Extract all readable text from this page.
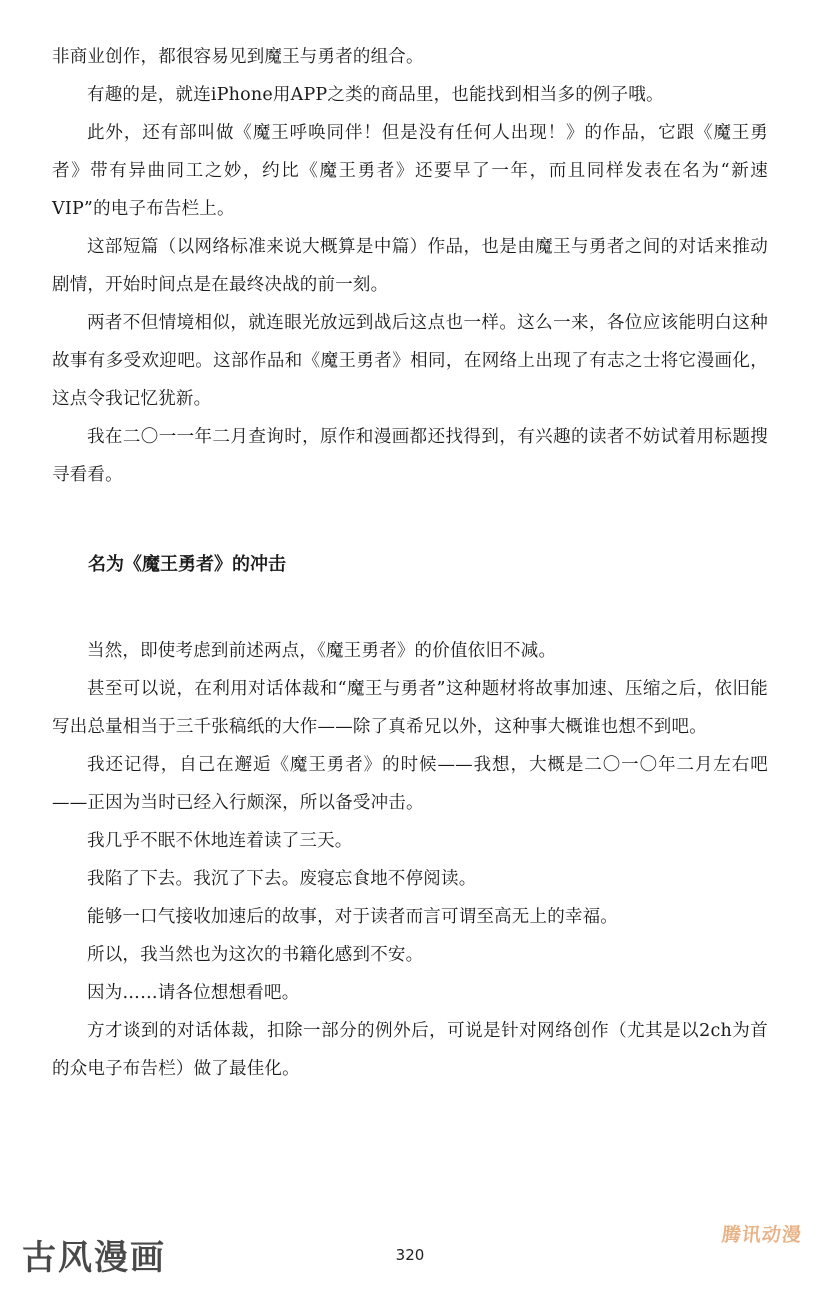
非商业创作，都很容易见到魔王与勇者的组合。

有趣的是，就连iPhone用APP之类的商品里，也能找到相当多的例子哦。

此外，还有部叫做《魔王呼唤同伴！但是没有任何人出现！》的作品，它跟《魔王勇者》带有异曲同工之妙，约比《魔王勇者》还要早了一年，而且同样发表在名为“新速VIP”的电子布告栏上。

这部短篇（以网络标准来说大概算是中篇）作品，也是由魔王与勇者之间的对话来推动剧情，开始时间点是在最终决战的前一刻。

两者不但情境相似，就连眼光放远到战后这点也一样。这么一来，各位应该能明白这种故事有多受欢迎吧。这部作品和《魔王勇者》相同，在网络上出现了有志之士将它漫画化，这点令我记忆犹新。

我在二〇一一年二月查询时，原作和漫画都还找得到，有兴趣的读者不妨试着用标题搜寻看看。

名为《魔王勇者》的冲击

当然，即使考虑到前述两点，《魔王勇者》的价值依旧不减。

甚至可以说，在利用对话体裁和“魔王与勇者”这种题材将故事加速、压缩之后，依旧能写出总量相当于三千张稿纸的大作——除了真希兄以外，这种事大概谁也想不到吧。

我还记得，自己在邂逅《魔王勇者》的时候——我想，大概是二〇一〇年二月左右吧——正因为当时已经入行颇深，所以备受冲击。

我几乎不眠不休地连着读了三天。

我陷了下去。我沉了下去。废寝忘食地不停阅读。

能够一口气接收加速后的故事，对于读者而言可谓至高无上的幸福。

所以，我当然也为这次的书籍化感到不安。

因为……请各位想想看吧。

方才谈到的对话体裁，扣除一部分的例外后，可说是针对网络创作（尤其是以2ch为首的众电子布告栏）做了最佳化。

古风漫画	320
腾讯动漫
